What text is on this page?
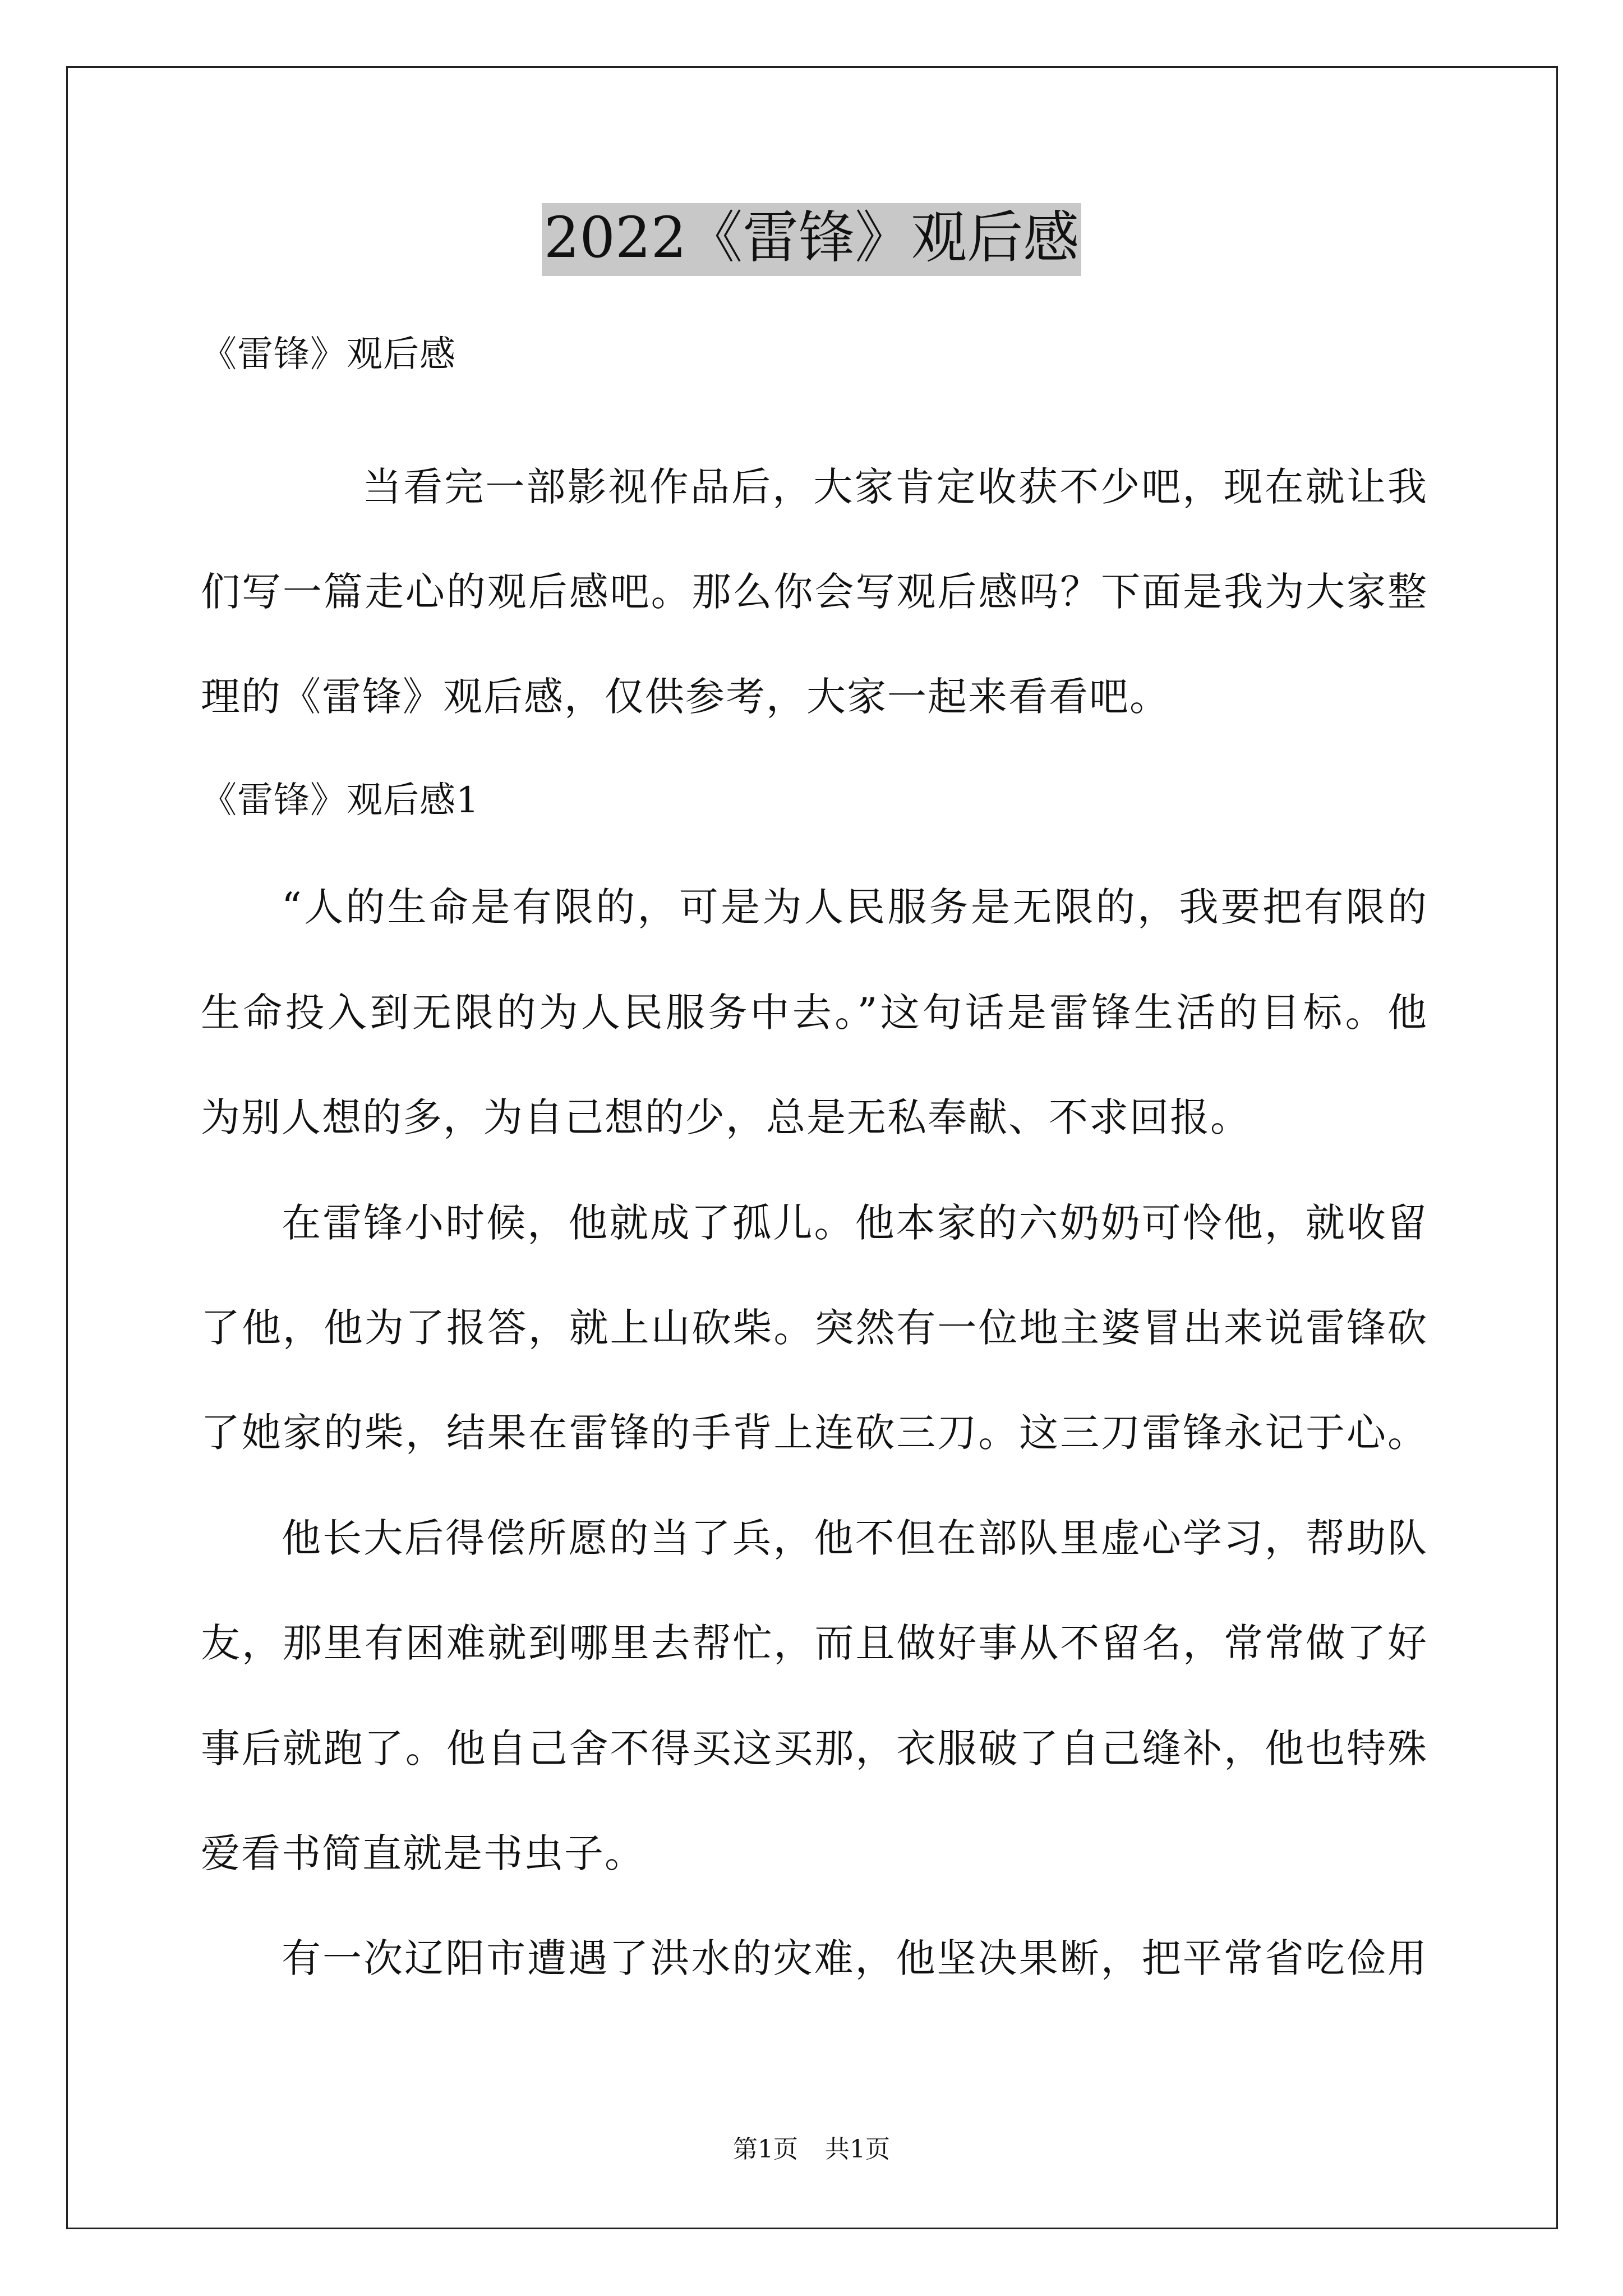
2022《雷锋》观后感
《雷锋》观后感
当看完一部影视作品后，大家肯定收获不少吧，现在就让我
们写一篇走心的观后感吧。那么你会写观后感吗？下面是我为大家整
理的《雷锋》观后感，仅供参考，大家一起来看看吧。
《雷锋》观后感1
“人的生命是有限的，可是为人民服务是无限的，我要把有限的
生命投入到无限的为人民服务中去。”这句话是雷锋生活的目标。他
为别人想的多，为自己想的少，总是无私奉献、不求回报。
在雷锋小时候，他就成了孤儿。他本家的六奶奶可怜他，就收留
了他，他为了报答，就上山砍柴。突然有一位地主婆冒出来说雷锋砍
了她家的柴，结果在雷锋的手背上连砍三刀。这三刀雷锋永记于心。
他长大后得偿所愿的当了兵，他不但在部队里虚心学习，帮助队
友，那里有困难就到哪里去帮忙，而且做好事从不留名，常常做了好
事后就跑了。他自己舍不得买这买那，衣服破了自己缝补，他也特殊
爱看书简直就是书虫子。
有一次辽阳市遭遇了洪水的灾难，他坚决果断，把平常省吃俭用
第1页 共1页
